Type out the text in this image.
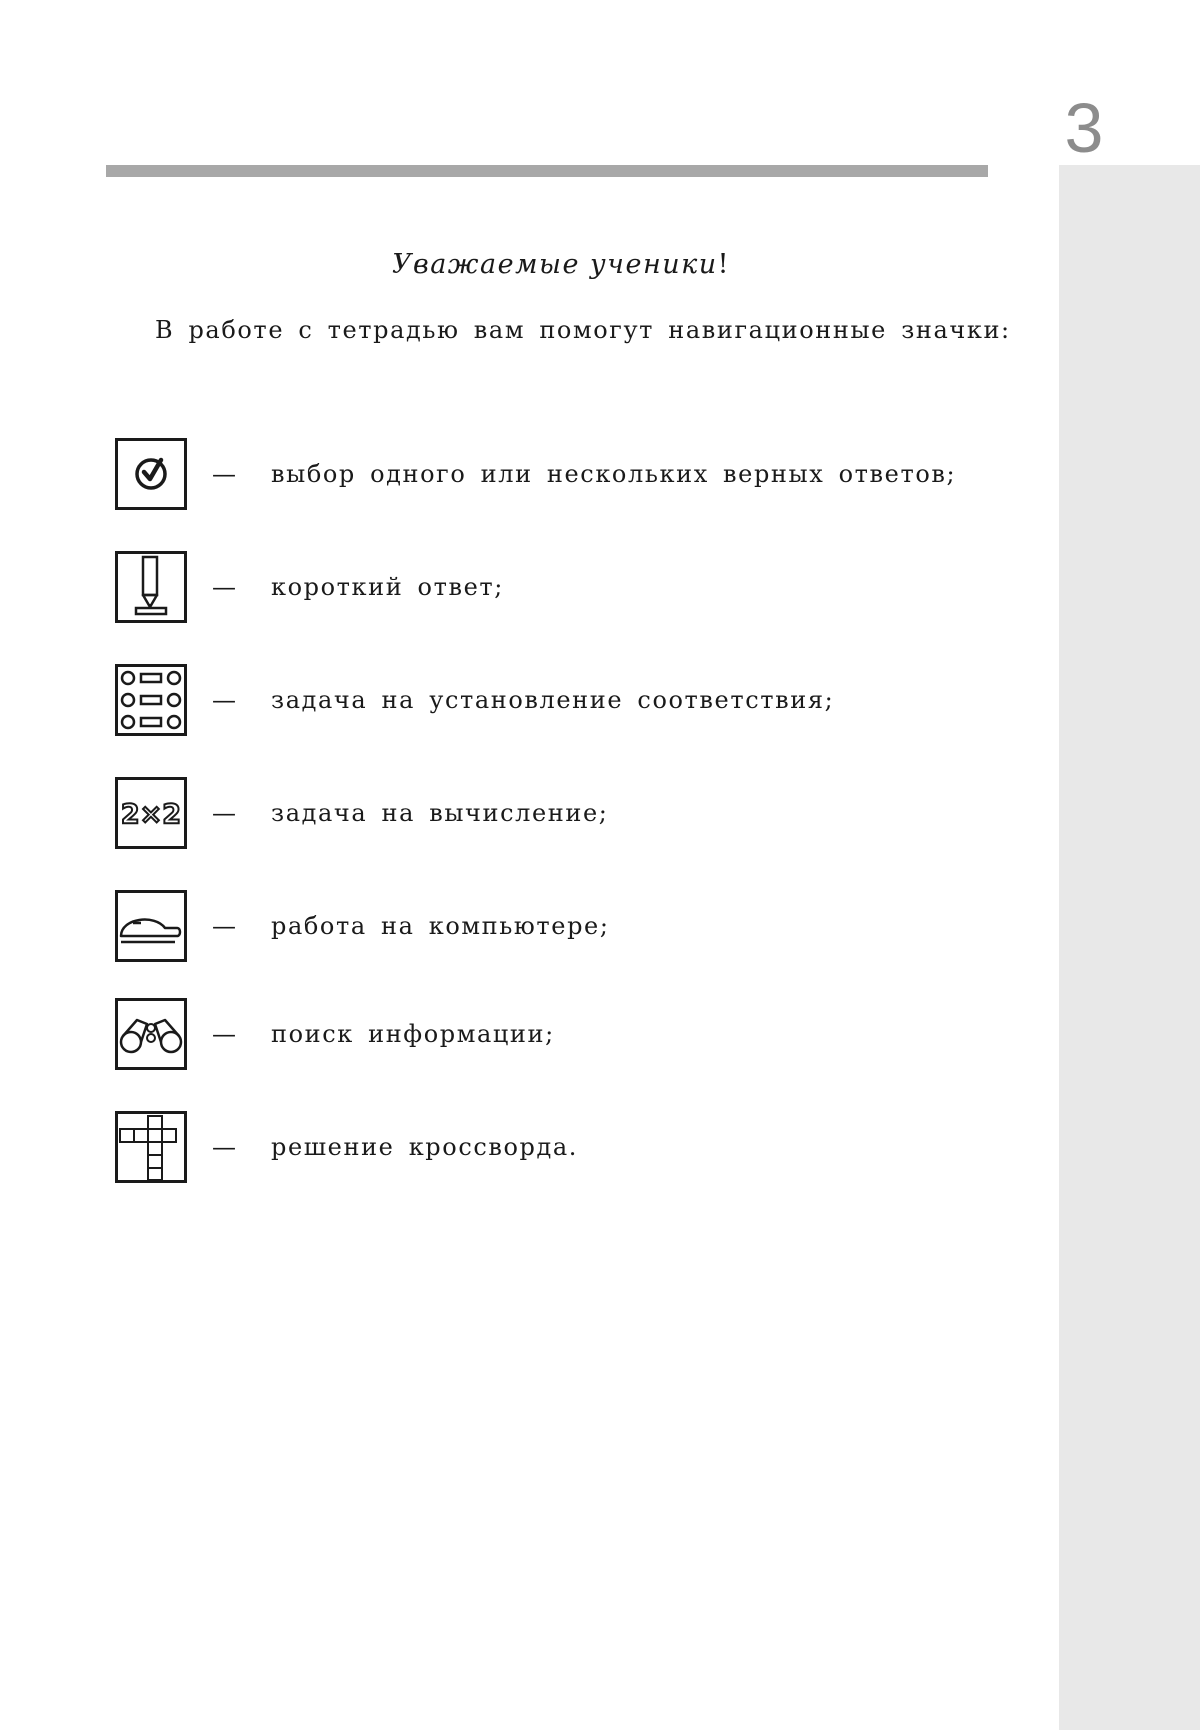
3
Уважаемые ученики!
В работе с тетрадью вам помогут навигационные значки:
— выбор одного или нескольких верных ответов;
— короткий ответ;
— задача на установление соответствия;
2×2 — задача на вычисление;
— работа на компьютере;
— поиск информации;
— решение кроссворда.
